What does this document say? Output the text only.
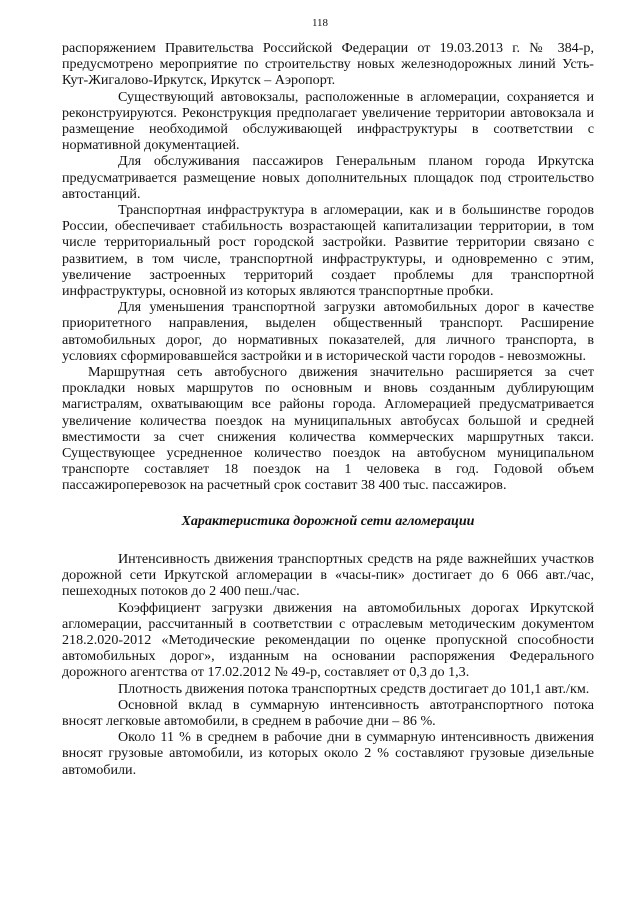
118

распоряжением Правительства Российской Федерации от 19.03.2013 г. № 384-р, предусмотрено мероприятие по строительству новых железнодорожных линий Усть-Кут-Жигалово-Иркутск, Иркутск – Аэропорт.

Существующий автовокзалы, расположенные в агломерации, сохраняется и реконструируются. Реконструкция предполагает увеличение территории автовокзала и размещение необходимой обслуживающей инфраструктуры в соответствии с нормативной документацией.

Для обслуживания пассажиров Генеральным планом города Иркутска предусматривается размещение новых дополнительных площадок под строительство автостанций.

Транспортная инфраструктура в агломерации, как и в большинстве городов России, обеспечивает стабильность возрастающей капитализации территории, в том числе территориальный рост городской застройки. Развитие территории связано с развитием, в том числе, транспортной инфраструктуры, и одновременно с этим, увеличение застроенных территорий создает проблемы для транспортной инфраструктуры, основной из которых являются транспортные пробки.

Для уменьшения транспортной загрузки автомобильных дорог в качестве приоритетного направления, выделен общественный транспорт. Расширение автомобильных дорог, до нормативных показателей, для личного транспорта, в условиях сформировавшейся застройки и в исторической части городов - невозможны.

Маршрутная сеть автобусного движения значительно расширяется за счет прокладки новых маршрутов по основным и вновь созданным дублирующим магистралям, охватывающим все районы города. Агломерацией предусматривается увеличение количества поездок на муниципальных автобусах большой и средней вместимости за счет снижения количества коммерческих маршрутных такси. Существующее усредненное количество поездок на автобусном муниципальном транспорте составляет 18 поездок на 1 человека в год. Годовой объем пассажироперевозок на расчетный срок составит 38 400 тыс. пассажиров.

Характеристика дорожной сети агломерации

Интенсивность движения транспортных средств на ряде важнейших участков дорожной сети Иркутской агломерации в «часы-пик» достигает до 6 066 авт./час, пешеходных потоков до 2 400 пеш./час.

Коэффициент загрузки движения на автомобильных дорогах Иркутской агломерации, рассчитанный в соответствии с отраслевым методическим документом 218.2.020-2012 «Методические рекомендации по оценке пропускной способности автомобильных дорог», изданным на основании распоряжения Федерального дорожного агентства от 17.02.2012 № 49-р, составляет от 0,3 до 1,3.

Плотность движения потока транспортных средств достигает до 101,1 авт./км.

Основной вклад в суммарную интенсивность автотранспортного потока вносят легковые автомобили, в среднем в рабочие дни – 86 %.

Около 11 % в среднем в рабочие дни в суммарную интенсивность движения вносят грузовые автомобили, из которых около 2 % составляют грузовые дизельные автомобили.
